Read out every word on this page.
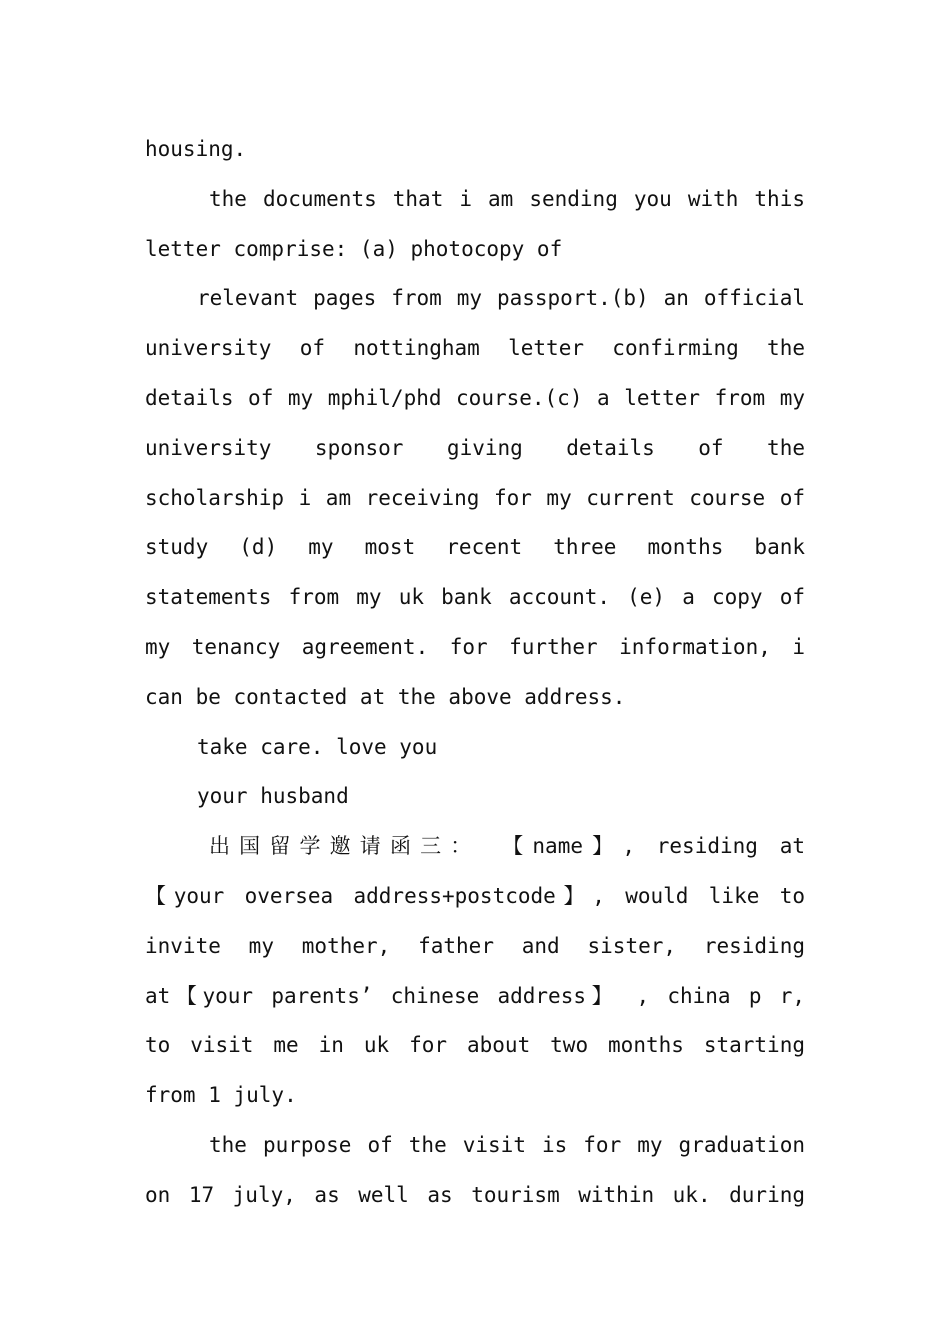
housing.
the documents that i am sending you with this
letter comprise: (a) photocopy of
relevant pages from my passport.(b) an official
university of nottingham letter confirming the
details of my mphil/phd course.(c) a letter from my
university sponsor giving details of the
scholarship i am receiving for my current course of
study (d) my most recent three months bank
statements from my uk bank account. (e) a copy of
my tenancy agreement. for further information, i
can be contacted at the above address.
take care. love you
your husband
出国留学邀请函三： 【name】, residing at
【your oversea address+postcode】, would like to
invite my mother, father and sister, residing
at【your parents’ chinese address】 , china p r,
to visit me in uk for about two months starting
from 1 july.
the purpose of the visit is for my graduation
on 17 july, as well as tourism within uk. during
